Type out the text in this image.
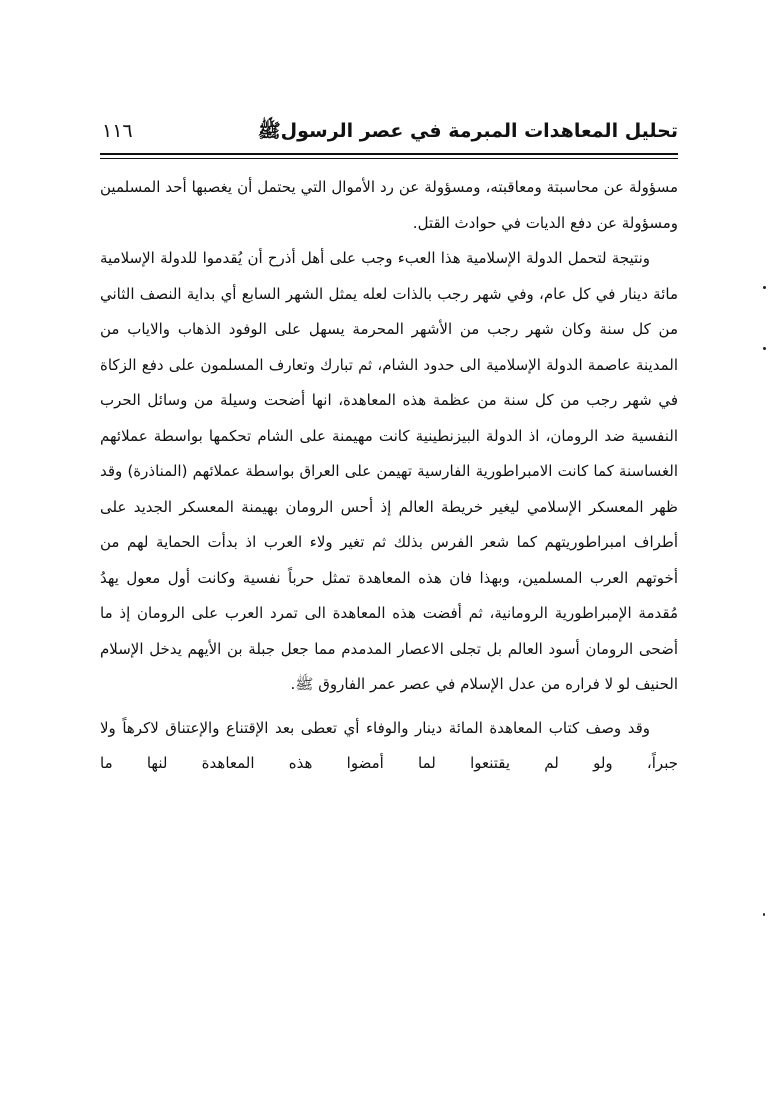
تحليل المعاهدات المبرمة في عصر الرسولﷺ
١١٦

مسؤولة عن محاسبتة ومعاقبته، ومسؤولة عن رد الأموال التي يحتمل أن يغصبها أحد المسلمين ومسؤولة عن دفع الديات في حوادث القتل.

ونتيجة لتحمل الدولة الإسلامية هذا العبء وجب على أهل أذرح أن يُقدموا للدولة الإسلامية مائة دينار في كل عام، وفي شهر رجب بالذات لعله يمثل الشهر السابع أي بداية النصف الثاني من كل سنة وكان شهر رجب من الأشهر المحرمة يسهل على الوفود الذهاب والاياب من المدينة عاصمة الدولة الإسلامية الى حدود الشام، ثم تبارك وتعارف المسلمون على دفع الزكاة في شهر رجب من كل سنة من عظمة هذه المعاهدة، انها أضحت وسيلة من وسائل الحرب النفسية ضد الرومان، اذ الدولة البيزنطينية كانت مهيمنة على الشام تحكمها بواسطة عملائهم الغساسنة كما كانت الامبراطورية الفارسية تهيمن على العراق بواسطة عملائهم (المناذرة) وقد ظهر المعسكر الإسلامي ليغير خريطة العالم إذ أحس الرومان بهيمنة المعسكر الجديد على أطراف امبراطوريتهم كما شعر الفرس بذلك ثم تغير ولاء العرب اذ بدأت الحماية لهم من أخوتهم العرب المسلمين، وبهذا فان هذه المعاهدة تمثل حرباً نفسية وكانت أول معول يهدُ مُقدمة الإمبراطورية الرومانية، ثم أفضت هذه المعاهدة الى تمرد العرب على الرومان إذ ما أضحى الرومان أسود العالم بل تجلى الاعصار المدمدم مما جعل جبلة بن الأيهم يدخل الإسلام الحنيف لو لا فراره من عدل الإسلام في عصر عمر الفاروق ﷺ.

وقد وصف كتاب المعاهدة المائة دينار والوفاء أي تعطى بعد الإقتناع والإعتناق لاكرهاً ولا جبراً، ولو لم يقتنعوا لما أمضوا هذه المعاهدة لنها ما
